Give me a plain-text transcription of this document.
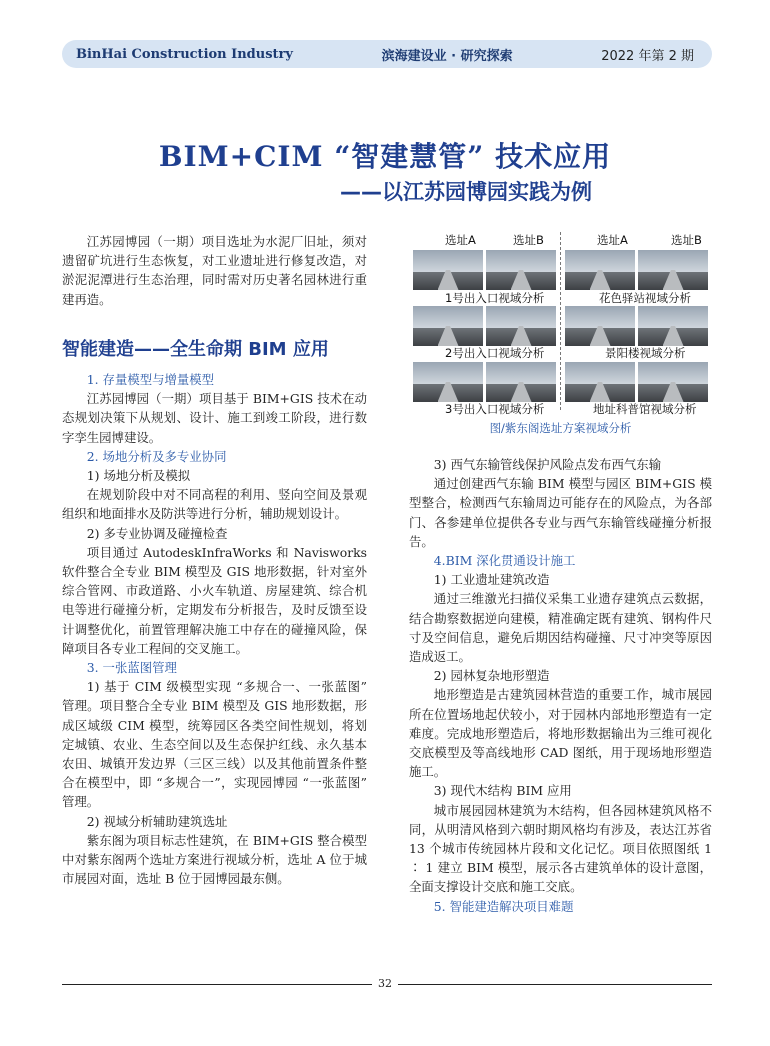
BinHai Construction Industry	滨海建设业 · 研究探索	2022 年第 2 期
BIM+CIM “智建慧管” 技术应用
——以江苏园博园实践为例

江苏园博园（一期）项目选址为水泥厂旧址，须对遗留矿坑进行生态恢复，对工业遗址进行修复改造，对淤泥泥潭进行生态治理，同时需对历史著名园林进行重建再造。

智能建造——全生命期 BIM 应用

1. 存量模型与增量模型

江苏园博园（一期）项目基于 BIM+GIS 技术在动态规划决策下从规划、设计、施工到竣工阶段，进行数字孪生园博建设。

2. 场地分析及多专业协同

1) 场地分析及模拟

在规划阶段中对不同高程的利用、竖向空间及景观组织和地面排水及防洪等进行分析，辅助规划设计。

2) 多专业协调及碰撞检查

项目通过 AutodeskInfraWorks 和 Navisworks 软件整合全专业 BIM 模型及 GIS 地形数据，针对室外综合管网、市政道路、小火车轨道、房屋建筑、综合机电等进行碰撞分析，定期发布分析报告，及时反馈至设计调整优化，前置管理解决施工中存在的碰撞风险，保障项目各专业工程间的交叉施工。

3. 一张蓝图管理

1) 基于 CIM 级模型实现 “多规合一、一张蓝图” 管理。项目整合全专业 BIM 模型及 GIS 地形数据，形成区域级 CIM 模型，统筹园区各类空间性规划，将划定城镇、农业、生态空间以及生态保护红线、永久基本农田、城镇开发边界（三区三线）以及其他前置条件整合在模型中，即 “多规合一”，实现园博园 “一张蓝图” 管理。

2) 视域分析辅助建筑选址

紫东阁为项目标志性建筑，在 BIM+GIS 整合模型中对紫东阁两个选址方案进行视域分析，选址 A 位于城市展园对面，选址 B 位于园博园最东侧。

选址A	选址B	选址A	选址B
1号出入口视域分析	花色驿站视域分析
2号出入口视域分析	景阳楼视域分析
3号出入口视域分析	地址科普馆视域分析
图/紫东阁选址方案视域分析

3) 西气东输管线保护风险点发布西气东输

通过创建西气东输 BIM 模型与园区 BIM+GIS 模型整合，检测西气东输周边可能存在的风险点，为各部门、各参建单位提供各专业与西气东输管线碰撞分析报告。

4.BIM 深化贯通设计施工

1) 工业遗址建筑改造

通过三维激光扫描仪采集工业遗存建筑点云数据，结合勘察数据逆向建模，精准确定既有建筑、钢构件尺寸及空间信息，避免后期因结构碰撞、尺寸冲突等原因造成返工。

2) 园林复杂地形塑造

地形塑造是古建筑园林营造的重要工作，城市展园所在位置场地起伏较小，对于园林内部地形塑造有一定难度。完成地形塑造后，将地形数据输出为三维可视化交底模型及等高线地形 CAD 图纸，用于现场地形塑造施工。

3) 现代木结构 BIM 应用

城市展园园林建筑为木结构，但各园林建筑风格不同，从明清风格到六朝时期风格均有涉及，表达江苏省 13 个城市传统园林片段和文化记忆。项目依照图纸 1 ∶ 1 建立 BIM 模型，展示各古建筑单体的设计意图，全面支撑设计交底和施工交底。

5. 智能建造解决项目难题

32
